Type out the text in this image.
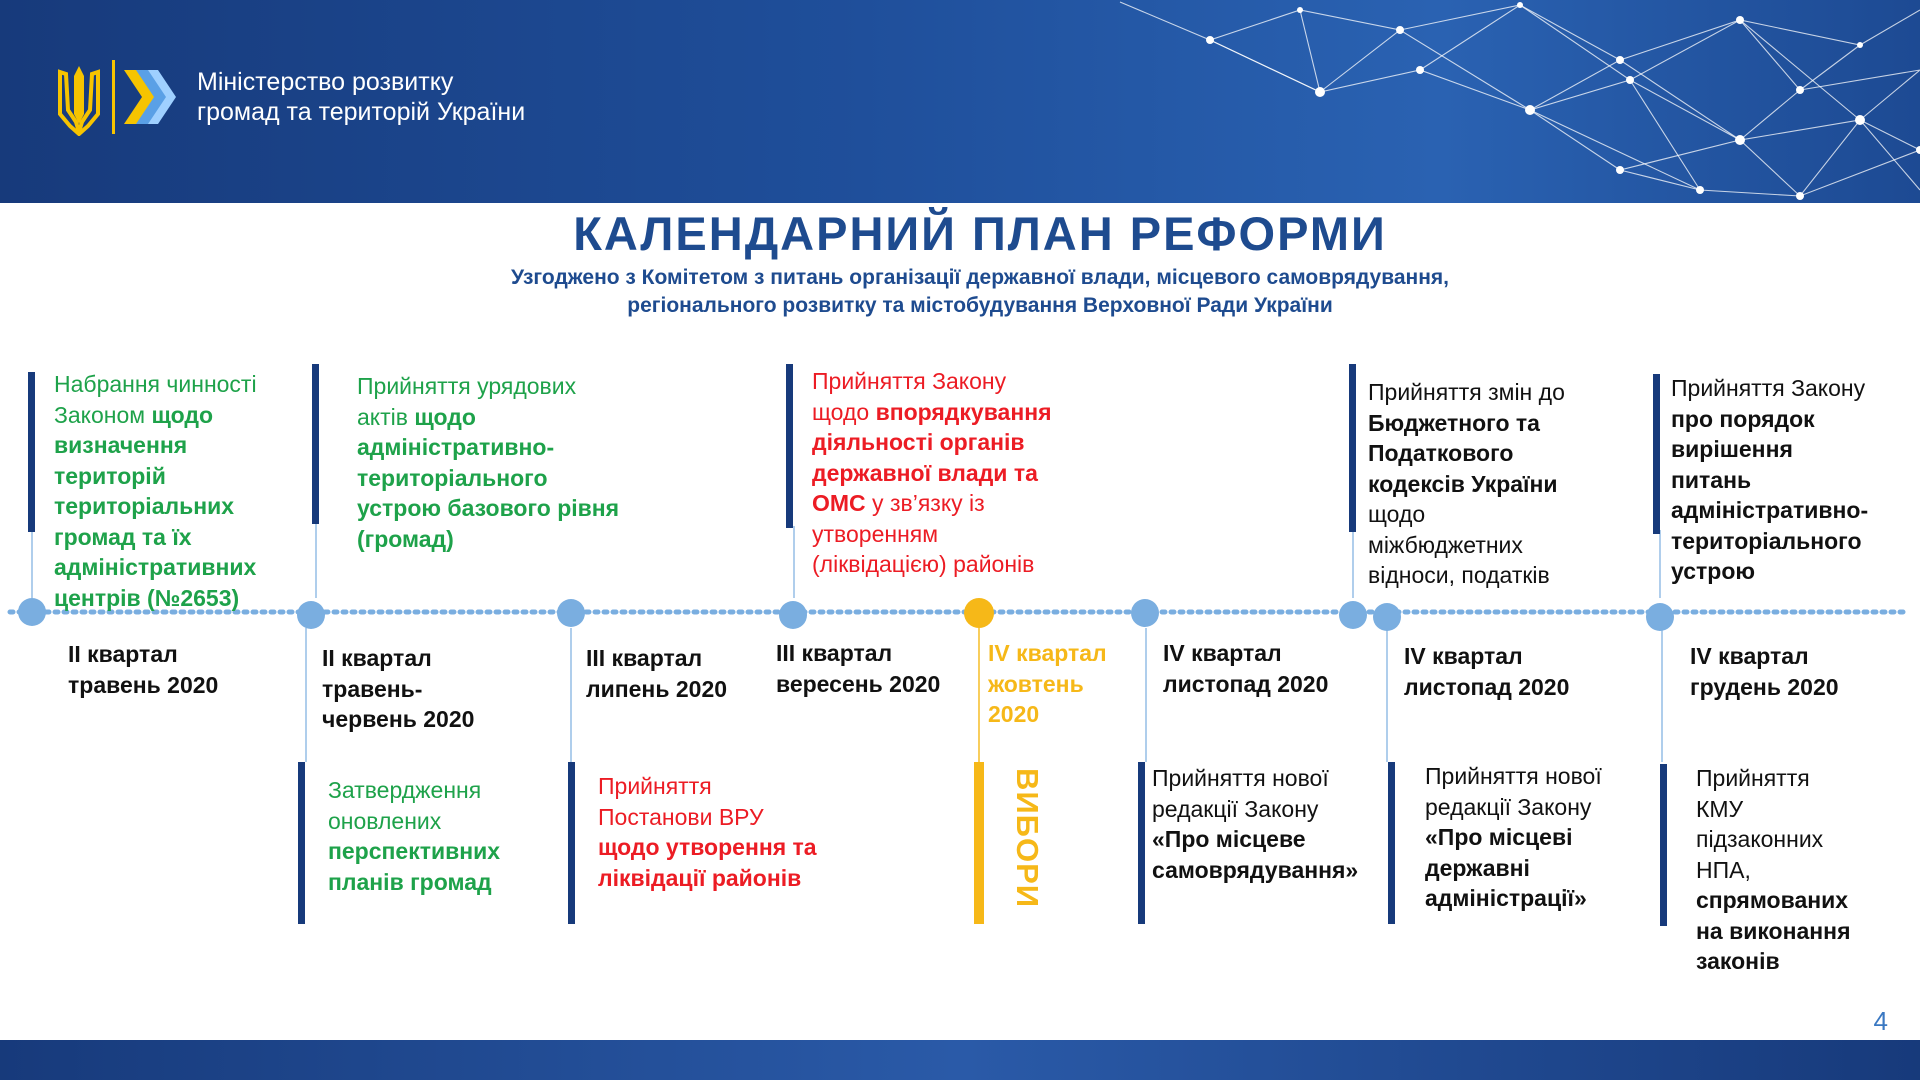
Міністерство розвитку
громад та територій України
КАЛЕНДАРНИЙ ПЛАН РЕФОРМИ
Узгоджено з Комітетом з питань організації державної влади, місцевого самоврядування,
регіонального розвитку та містобудування Верховної Ради України
Набрання чинності
Законом щодо
визначення
територій
територіальних
громад та їх
адміністративних
центрів (№2653)
Прийняття урядових
актів щодо
адміністративно-
територіального
устрою базового рівня
(громад)
Прийняття Закону
щодо впорядкування
діяльності органів
державної влади та
ОМС у зв’язку із
утворенням
(ліквідацією) районів
Прийняття змін до
Бюджетного та
Податкового
кодексів України
щодо
міжбюджетних
відноси, податків
Прийняття Закону
про порядок
вирішення
питань
адміністративно-
територіального
устрою
II квартал
травень 2020
II квартал
травень-
червень 2020
III квартал
липень 2020
III квартал
вересень 2020
IV квартал
жовтень
2020
IV квартал
листопад 2020
IV квартал
листопад 2020
IV квартал
грудень 2020
Затвердження
оновлених
перспективних
планів громад
Прийняття
Постанови ВРУ
щодо утворення та
ліквідації районів	ВИБОРИ	Прийняття нової
редакції Закону
«Про місцеве
самоврядування»
Прийняття нової
редакції Закону
«Про місцеві
державні
адміністрації»
Прийняття
КМУ
підзаконних
НПА,
спрямованих
на виконання
законів
4
